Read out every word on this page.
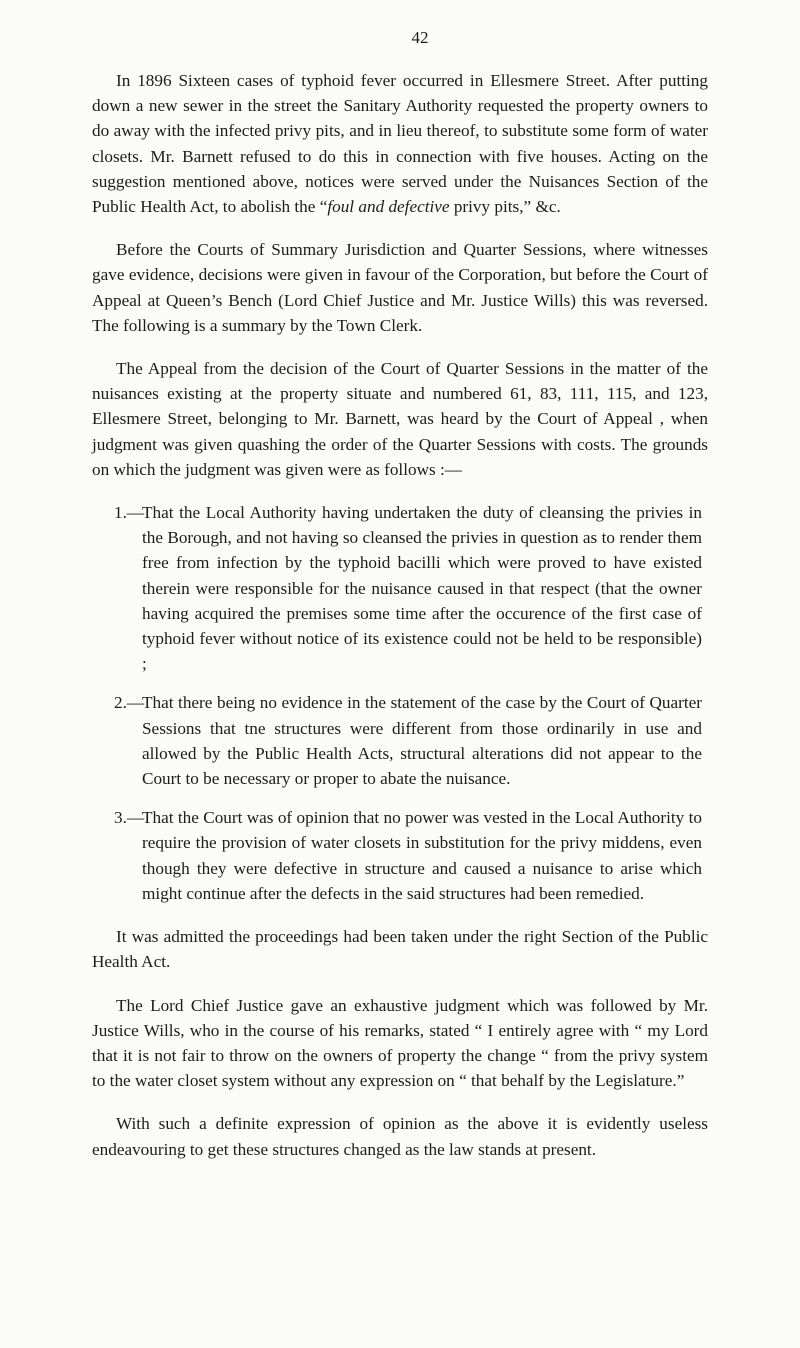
42

In 1896 Sixteen cases of typhoid fever occurred in Ellesmere Street. After putting down a new sewer in the street the Sanitary Authority requested the property owners to do away with the infected privy pits, and in lieu thereof, to substitute some form of water closets. Mr. Barnett refused to do this in connection with five houses. Acting on the suggestion mentioned above, notices were served under the Nuisances Section of the Public Health Act, to abolish the “foul and defective privy pits,” &c.

Before the Courts of Summary Jurisdiction and Quarter Sessions, where witnesses gave evidence, decisions were given in favour of the Corporation, but before the Court of Appeal at Queen’s Bench (Lord Chief Justice and Mr. Justice Wills) this was reversed. The following is a summary by the Town Clerk.

The Appeal from the decision of the Court of Quarter Sessions in the matter of the nuisances existing at the property situate and numbered 61, 83, 111, 115, and 123, Ellesmere Street, belonging to Mr. Barnett, was heard by the Court of Appeal , when judgment was given quashing the order of the Quarter Sessions with costs. The grounds on which the judgment was given were as follows :—

1.—
That the Local Authority having undertaken the duty of cleansing the privies in the Borough, and not having so cleansed the privies in question as to render them free from infection by the typhoid bacilli which were proved to have existed therein were responsible for the nuisance caused in that respect (that the owner having acquired the premises some time after the occurence of the first case of typhoid fever without notice of its existence could not be held to be responsible) ;
2.—
That there being no evidence in the statement of the case by the Court of Quarter Sessions that tne structures were different from those ordinarily in use and allowed by the Public Health Acts, structural alterations did not appear to the Court to be necessary or proper to abate the nuisance.
3.—
That the Court was of opinion that no power was vested in the Local Authority to require the provision of water closets in substitution for the privy middens, even though they were defective in structure and caused a nuisance to arise which might continue after the defects in the said structures had been remedied.

It was admitted the proceedings had been taken under the right Section of the Public Health Act.

The Lord Chief Justice gave an exhaustive judgment which was followed by Mr. Justice Wills, who in the course of his remarks, stated “ I entirely agree with “ my Lord that it is not fair to throw on the owners of property the change “ from the privy system to the water closet system without any expression on “ that behalf by the Legislature.”

With such a definite expression of opinion as the above it is evidently useless endeavouring to get these structures changed as the law stands at present.
